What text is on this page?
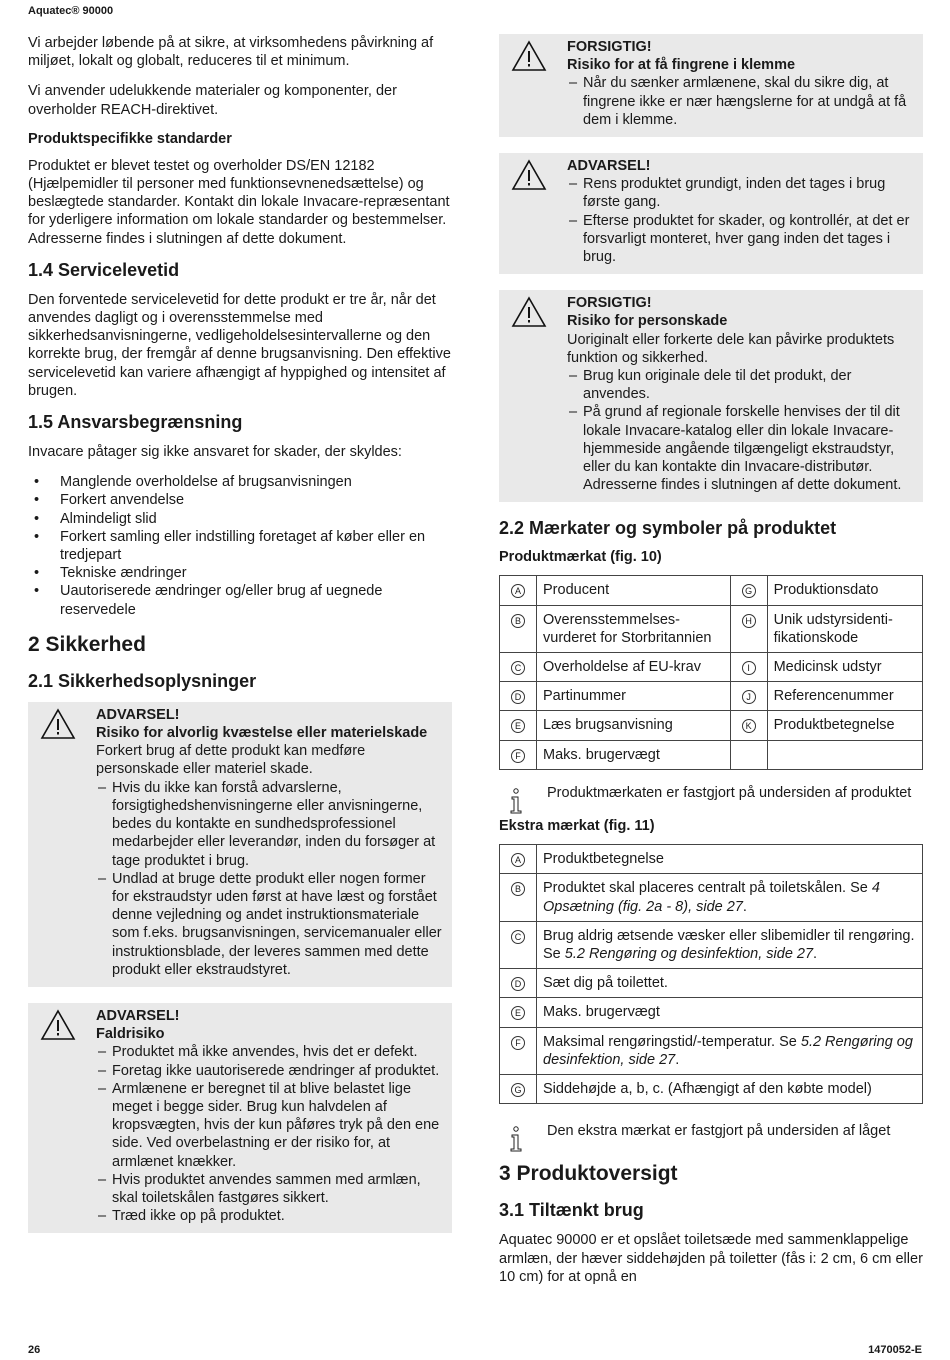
Aquatec® 90000

Vi arbejder løbende på at sikre, at virksomhedens påvirkning af miljøet, lokalt og globalt, reduceres til et minimum.

Vi anvender udelukkende materialer og komponenter, der overholder REACH-direktivet.

Produktspecifikke standarder

Produktet er blevet testet og overholder DS/EN 12182 (Hjælpemidler til personer med funktionsevnenedsættelse) og beslægtede standarder. Kontakt din lokale Invacare-repræsentant for yderligere information om lokale standarder og bestemmelser. Adresserne findes i slutningen af dette dokument.

1.4 Servicelevetid

Den forventede servicelevetid for dette produkt er tre år, når det anvendes dagligt og i overensstemmelse med sikkerhedsanvisningerne, vedligeholdelsesintervallerne og den korrekte brug, der fremgår af denne brugsanvisning. Den effektive servicelevetid kan variere afhængigt af hyppighed og intensitet af brugen.

1.5 Ansvarsbegrænsning

Invacare påtager sig ikke ansvaret for skader, der skyldes:

• Manglende overholdelse af brugsanvisningen
• Forkert anvendelse
• Almindeligt slid
• Forkert samling eller indstilling foretaget af køber eller en tredjepart
• Tekniske ændringer
• Uautoriserede ændringer og/eller brug af uegnede reservedele
2 Sikkerhed
2.1 Sikkerhedsoplysninger
ADVARSEL!
Risiko for alvorlig kvæstelse eller materielskade
Forkert brug af dette produkt kan medføre personskade eller materiel skade.
– Hvis du ikke kan forstå advarslerne, forsigtighedshenvisningerne eller anvisningerne, bedes du kontakte en sundhedsprofessionel medarbejder eller leverandør, inden du forsøger at tage produktet i brug.
– Undlad at bruge dette produkt eller nogen former for ekstraudstyr uden først at have læst og forstået denne vejledning og andet instruktionsmateriale som f.eks. brugsanvisningen, servicemanualer eller instruktionsblade, der leveres sammen med dette produkt eller ekstraudstyret.
ADVARSEL!
Faldrisiko
– Produktet må ikke anvendes, hvis det er defekt.
– Foretag ikke uautoriserede ændringer af produktet.
– Armlænene er beregnet til at blive belastet lige meget i begge sider. Brug kun halvdelen af kropsvægten, hvis der kun påføres tryk på den ene side. Ved overbelastning er der risiko for, at armlænet knækker.
– Hvis produktet anvendes sammen med armlæn, skal toiletskålen fastgøres sikkert.
– Træd ikke op på produktet.
FORSIGTIG!
Risiko for at få fingrene i klemme
– Når du sænker armlænene, skal du sikre dig, at fingrene ikke er nær hængslerne for at undgå at få dem i klemme.
ADVARSEL!
– Rens produktet grundigt, inden det tages i brug første gang.
– Efterse produktet for skader, og kontrollér, at det er forsvarligt monteret, hver gang inden det tages i brug.
FORSIGTIG!
Risiko for personskade
Uoriginalt eller forkerte dele kan påvirke produktets funktion og sikkerhed.
– Brug kun originale dele til det produkt, der anvendes.
– På grund af regionale forskelle henvises der til dit lokale Invacare-katalog eller din lokale Invacare-hjemmeside angående tilgængeligt ekstraudstyr, eller du kan kontakte din Invacare-distributør. Adresserne findes i slutningen af dette dokument.
2.2 Mærkater og symboler på produktet
Produktmærkat (fig. 10)
A	Producent	G	Produktionsdato
B	Overensstemmelses-vurderet for Storbritannien	H	Unik udstyrsidenti-fikationskode
C	Overholdelse af EU-krav	I	Medicinsk udstyr
D	Partinummer	J	Referencenummer
E	Læs brugsanvisning	K	Produktbetegnelse
F	Maks. brugervægt		
Produktmærkaten er fastgjort på undersiden af produktet
Ekstra mærkat (fig. 11)
A	Produktbetegnelse
B	Produktet skal placeres centralt på toiletskålen. Se 4 Opsætning (fig. 2a - 8), side 27.
C	Brug aldrig ætsende væsker eller slibemidler til rengøring. Se 5.2 Rengøring og desinfektion, side 27.
D	Sæt dig på toilettet.
E	Maks. brugervægt
F	Maksimal rengøringstid/-temperatur. Se 5.2 Rengøring og desinfektion, side 27.
G	Siddehøjde a, b, c. (Afhængigt af den købte model)
Den ekstra mærkat er fastgjort på undersiden af låget
3 Produktoversigt
3.1 Tiltænkt brug

Aquatec 90000 er et opslået toiletsæde med sammenklappelige armlæn, der hæver siddehøjden på toiletter (fås i: 2 cm, 6 cm eller 10 cm) for at opnå en

26	1470052-E
